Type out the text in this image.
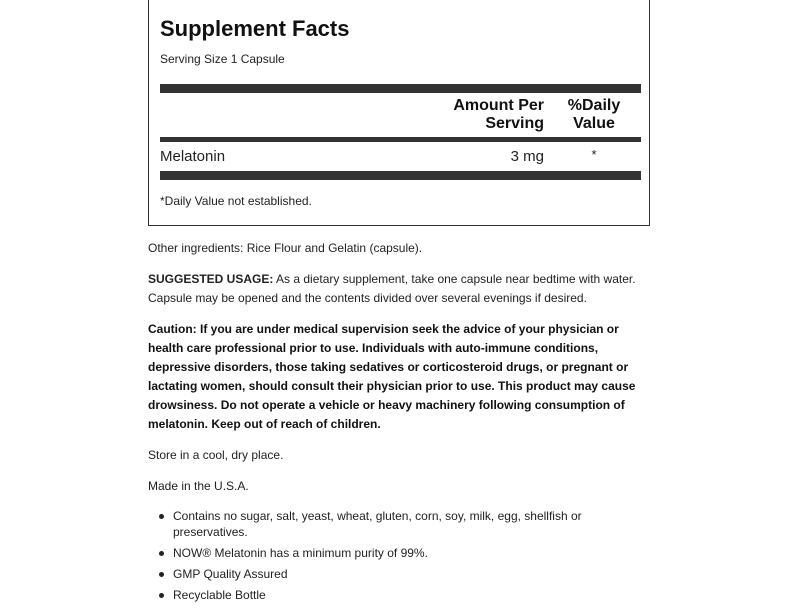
Supplement Facts
Serving Size 1 Capsule
Amount Per
Serving
%Daily
Value
Melatonin	3 mg	*
*Daily Value not established.
Other ingredients: Rice Flour and Gelatin (capsule).
SUGGESTED USAGE: As a dietary supplement, take one capsule near bedtime with water. Capsule may be opened and the contents divided over several evenings if desired.
Caution: If you are under medical supervision seek the advice of your physician or health care professional prior to use. Individuals with auto-immune conditions, depressive disorders, those taking sedatives or corticosteroid drugs, or pregnant or lactating women, should consult their physician prior to use. This product may cause drowsiness. Do not operate a vehicle or heavy machinery following consumption of melatonin. Keep out of reach of children.
Store in a cool, dry place.
Made in the U.S.A.
Contains no sugar, salt, yeast, wheat, gluten, corn, soy, milk, egg, shellfish or preservatives.
NOW® Melatonin has a minimum purity of 99%.
GMP Quality Assured
Recyclable Bottle
